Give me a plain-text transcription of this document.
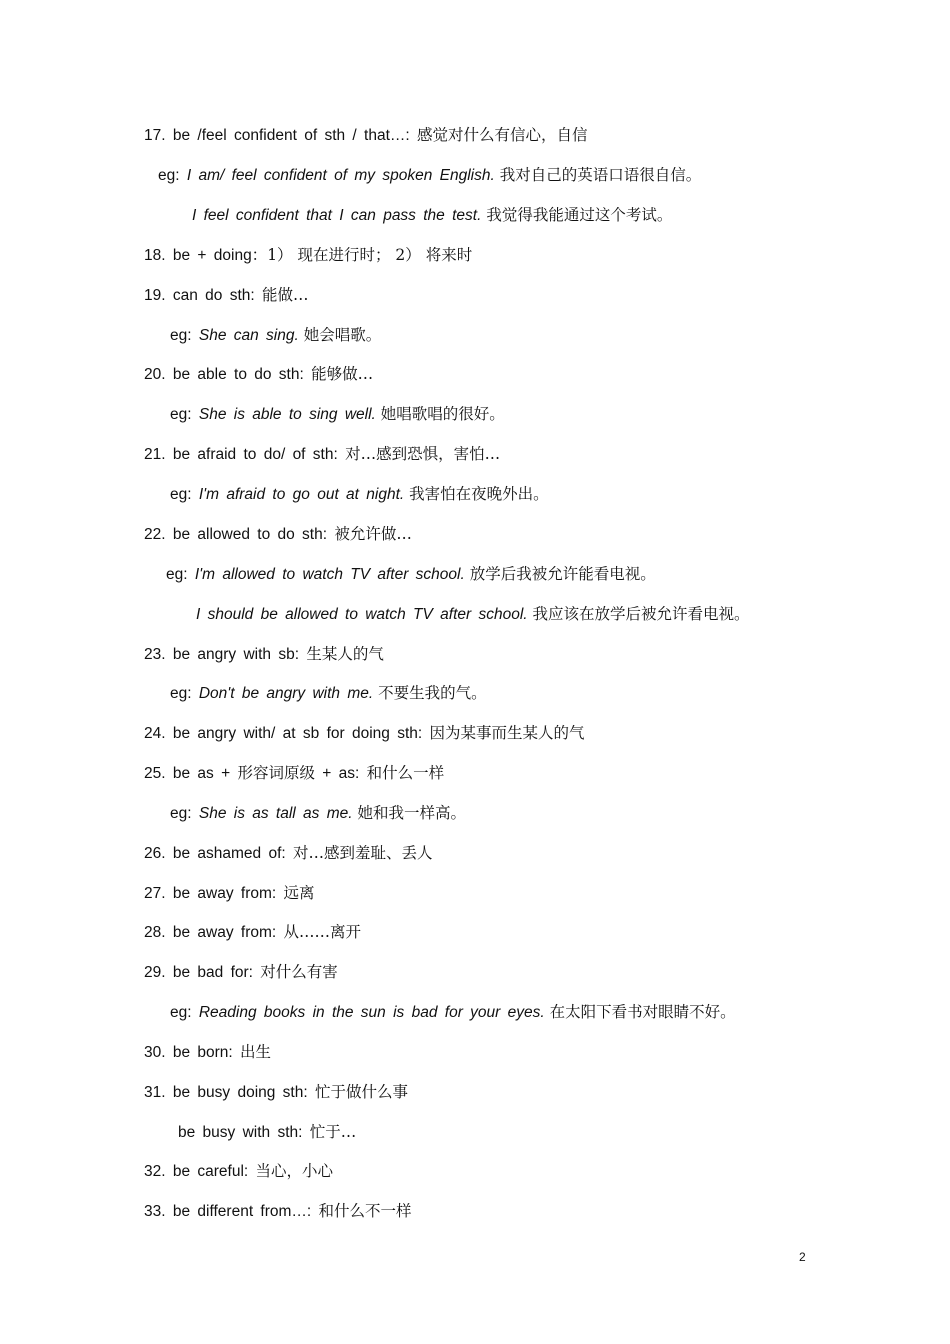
17. be /feel confident of sth / that…: 感觉对什么有信心，自信
eg: I am/ feel confident of my spoken English. 我对自己的英语口语很自信。
I feel confident that I can pass the test. 我觉得我能通过这个考试。
18. be + doing：1） 现在进行时； 2） 将来时
19. can do sth: 能做…
eg: She can sing. 她会唱歌。
20. be able to do sth: 能够做…
eg: She is able to sing well. 她唱歌唱的很好。
21. be afraid to do/ of sth: 对…感到恐惧，害怕…
eg: I'm afraid to go out at night. 我害怕在夜晚外出。
22. be allowed to do sth: 被允许做…
eg: I'm allowed to watch TV after school. 放学后我被允许能看电视。
I should be allowed to watch TV after school. 我应该在放学后被允许看电视。
23. be angry with sb: 生某人的气
eg: Don't be angry with me. 不要生我的气。
24. be angry with/ at sb for doing sth: 因为某事而生某人的气
25. be as + 形容词原级 + as: 和什么一样
eg: She is as tall as me. 她和我一样高。
26. be ashamed of: 对…感到羞耻、丢人
27. be away from: 远离
28. be away from: 从……离开
29. be bad for: 对什么有害
eg: Reading books in the sun is bad for your eyes. 在太阳下看书对眼睛不好。
30. be born: 出生
31. be busy doing sth: 忙于做什么事
be busy with sth: 忙于…
32. be careful: 当心，小心
33. be different from…: 和什么不一样
2
